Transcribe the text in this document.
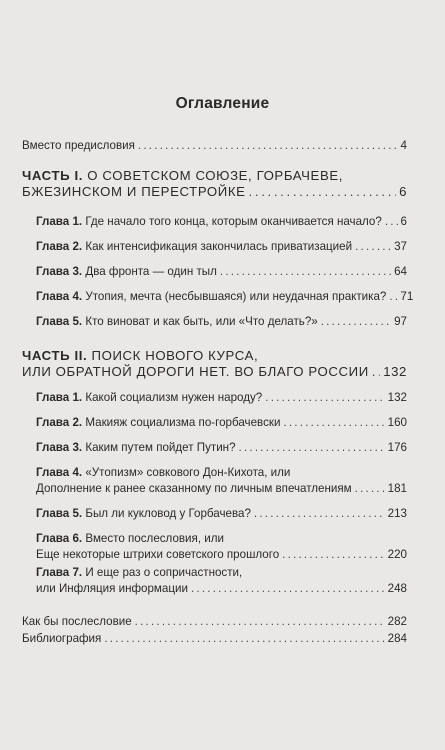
Оглавление
Вместо предисловия . . .	4
ЧАСТЬ I.
О СОВЕТСКОМ СОЮЗЕ, ГОРБАЧЕВЕ,
БЖЕЗИНСКОМ И ПЕРЕСТРОЙКЕ . . .	6
Глава 1.
Где начало того конца, которым оканчивается начало? . . . 6
Глава 2.
Как интенсификация закончилась приватизацией . . .	37
Глава 3.
Два фронта — один тыл . . .	64
Глава 4.
Утопия, мечта (несбывшаяся) или неудачная практика? . . . 71
Глава 5.
Кто виноват и как быть, или «Что делать?» . . .	97
ЧАСТЬ II.
ПОИСК НОВОГО КУРСА,
ИЛИ ОБРАТНОЙ ДОРОГИ НЕТ. ВО БЛАГО РОССИИ . . . 132
Глава 1.
Какой социализм нужен народу? . . .	132
Глава 2.
Макияж социализма по-горбачевски . . .	160
Глава 3.
Каким путем пойдет Путин? . . .	176
Глава 4.
«Утопизм» совкового Дон-Кихота, или
Дополнение к ранее сказанному по личным впечатлениям . . .	181
Глава 5.
Был ли кукловод у Горбачева? . . .	213
Глава 6.
Вместо послесловия, или
Еще некоторые штрихи советского прошлого . . .	220
Глава 7.
И еще раз о сопричастности,
или Инфляция информации . . .	248
Как бы послесловие . . .	282
Библиография . . .	284
